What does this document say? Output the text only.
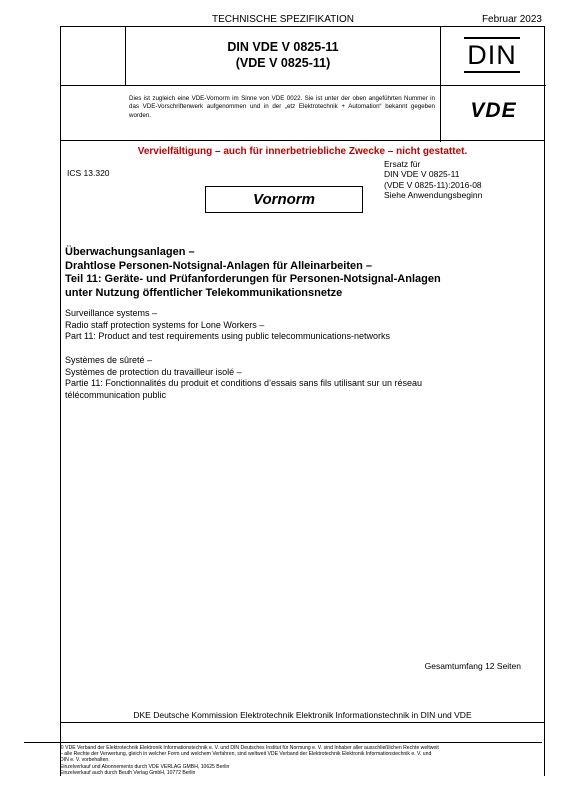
TECHNISCHE SPEZIFIKATION	Februar 2023
DIN VDE V 0825-11
(VDE V 0825-11)	DIN
Dies ist zugleich eine VDE-Vornorm im Sinne von VDE 0022. Sie ist unter der oben angeführten Nummer in das VDE-Vorschriftenwerk aufgenommen und in der „etz Elektrotechnik + Automation“ bekannt gegeben worden.	VDE
Vervielfältigung – auch für innerbetriebliche Zwecke – nicht gestattet.
ICS 13.320
Ersatz für
DIN VDE V 0825-11
(VDE V 0825-11):2016-08
Siehe Anwendungsbeginn
Vornorm
Überwachungsanlagen –
Drahtlose Personen-Notsignal-Anlagen für Alleinarbeiten –
Teil 11: Geräte- und Prüfanforderungen für Personen-Notsignal-Anlagen
unter Nutzung öffentlicher Telekommunikationsnetze
Surveillance systems –
Radio staff protection systems for Lone Workers –
Part 11: Product and test requirements using public telecommunications-networks
Systèmes de sûreté –
Systèmes de protection du travailleur isolé –
Partie 11: Fonctionnalités du produit et conditions d’essais sans fils utilisant sur un réseau
télécommunication public
Gesamtumfang 12 Seiten
DKE Deutsche Kommission Elektrotechnik Elektronik Informationstechnik in DIN und VDE
© VDE Verband der Elektrotechnik Elektronik Informationstechnik e. V. und DIN Deutsches Institut für Normung e. V. sind Inhaber aller ausschließlichen Rechte weltweit
– alle Rechte der Verwertung, gleich in welcher Form und welchem Verfahren, sind weltweit VDE Verband der Elektrotechnik Elektronik Informationstechnik e. V. und
DIN e. V. vorbehalten.
Einzelverkauf und Abonnements durch VDE VERLAG GMBH, 10625 Berlin
Einzelverkauf auch durch Beuth Verlag GmbH, 10772 Berlin
